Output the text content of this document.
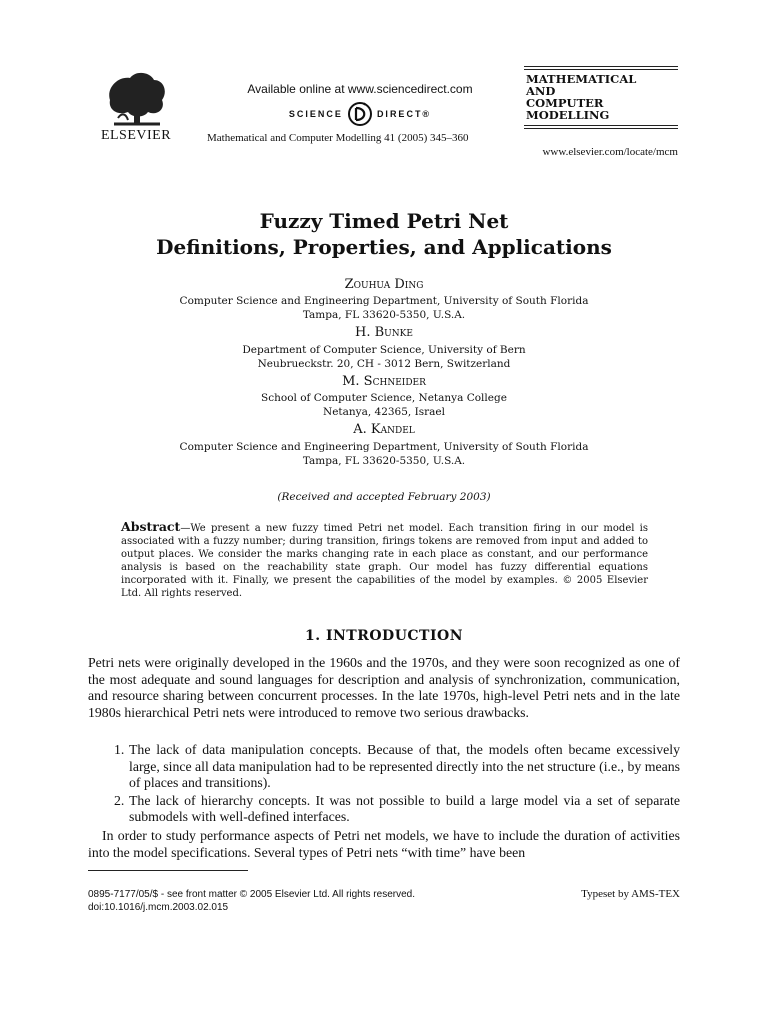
ELSEVIER
Available online at www.sciencedirect.com
SCIENCE	DIRECT®
Mathematical and Computer Modelling 41 (2005) 345–360
MATHEMATICAL
AND
COMPUTER
MODELLING
www.elsevier.com/locate/mcm
Fuzzy Timed Petri Net
Definitions, Properties, and Applications
Zouhua Ding
Computer Science and Engineering Department, University of South Florida
Tampa, FL 33620-5350, U.S.A.
H. Bunke
Department of Computer Science, University of Bern
Neubrueckstr. 20, CH - 3012 Bern, Switzerland
M. Schneider
School of Computer Science, Netanya College
Netanya, 42365, Israel
A. Kandel
Computer Science and Engineering Department, University of South Florida
Tampa, FL 33620-5350, U.S.A.
(Received and accepted February 2003)
Abstract—We present a new fuzzy timed Petri net model. Each transition firing in our model is associated with a fuzzy number; during transition, firings tokens are removed from input and added to output places. We consider the marks changing rate in each place as constant, and our performance analysis is based on the reachability state graph. Our model has fuzzy differential equations incorporated with it. Finally, we present the capabilities of the model by examples. © 2005 Elsevier Ltd. All rights reserved.
1. INTRODUCTION
Petri nets were originally developed in the 1960s and the 1970s, and they were soon recognized as one of the most adequate and sound languages for description and analysis of synchronization, communication, and resource sharing between concurrent processes. In the late 1970s, high-level Petri nets and in the late 1980s hierarchical Petri nets were introduced to remove two serious drawbacks.
1. The lack of data manipulation concepts. Because of that, the models often became excessively large, since all data manipulation had to be represented directly into the net structure (i.e., by means of places and transitions).
2. The lack of hierarchy concepts. It was not possible to build a large model via a set of separate submodels with well-defined interfaces.
In order to study performance aspects of Petri net models, we have to include the duration of activities into the model specifications. Several types of Petri nets “with time” have been
0895-7177/05/$ - see front matter © 2005 Elsevier Ltd. All rights reserved.
doi:10.1016/j.mcm.2003.02.015
Typeset by AMS-TEX
